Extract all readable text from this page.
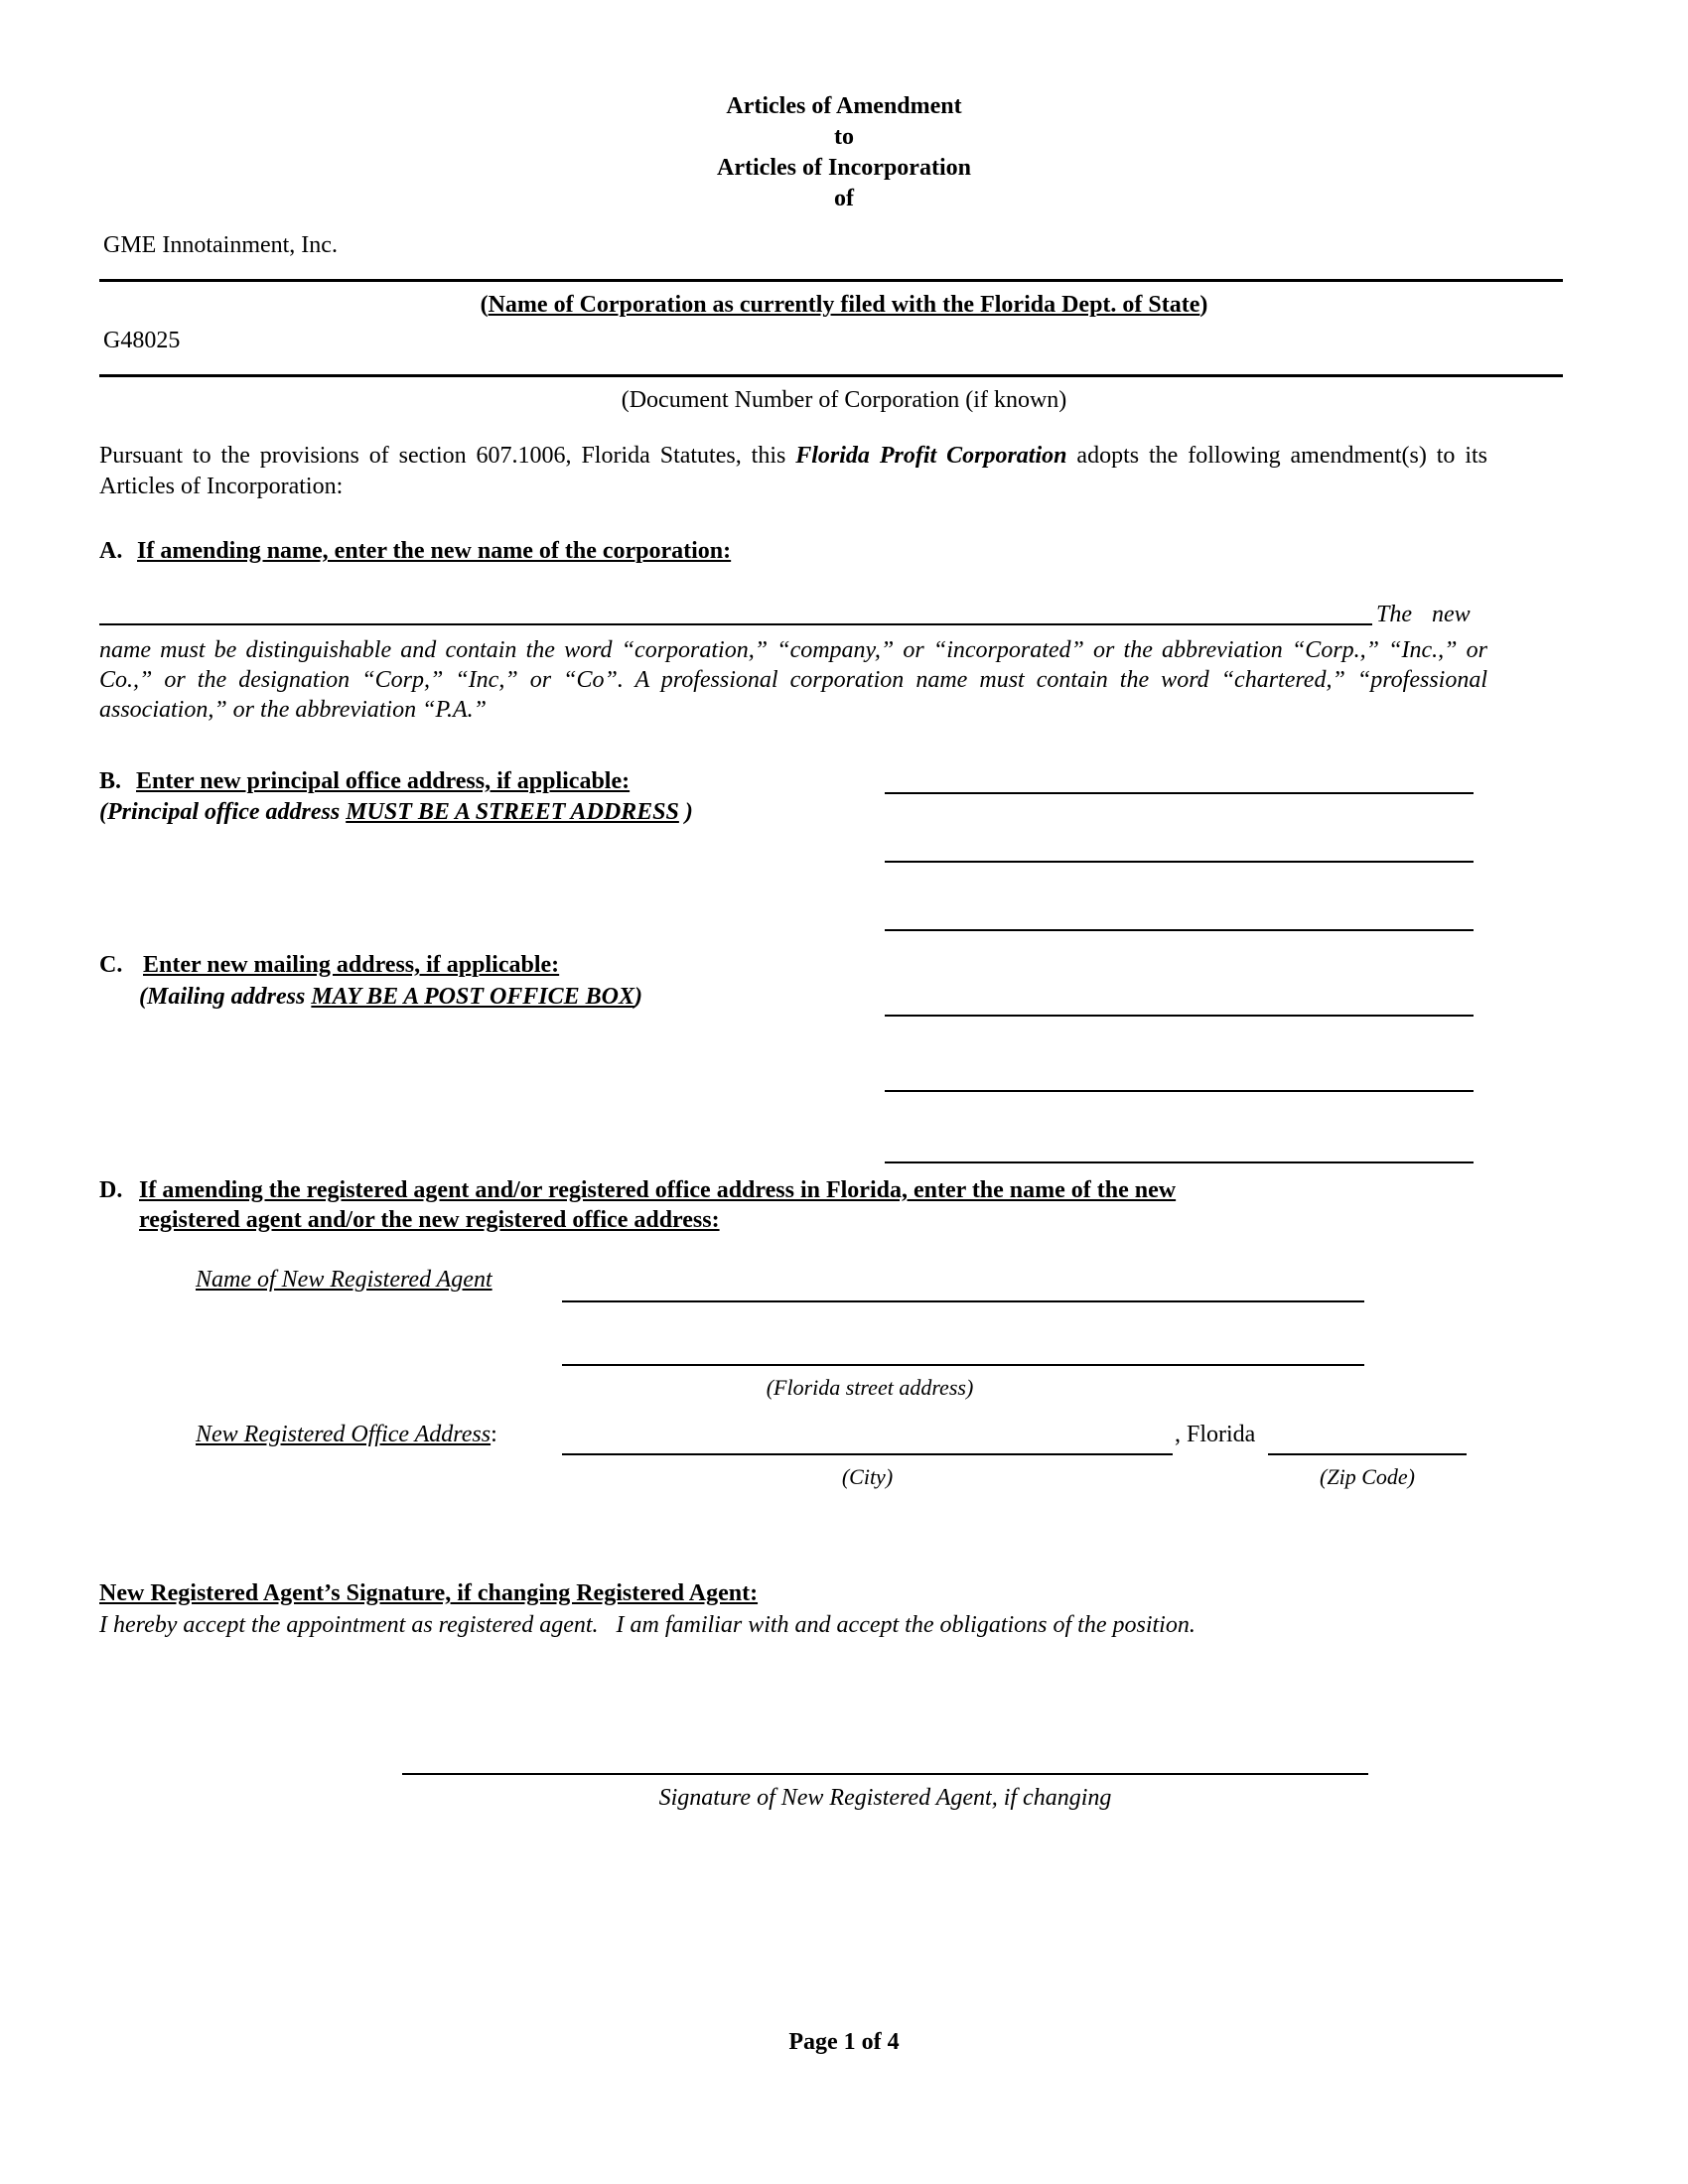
Articles of Amendment
to
Articles of Incorporation
of
GME Innotainment, Inc.
(Name of Corporation as currently filed with the Florida Dept. of State)
G48025
(Document Number of Corporation (if known)
Pursuant to the provisions of section 607.1006, Florida Statutes, this Florida Profit Corporation adopts the following amendment(s) to its Articles of Incorporation:
A. If amending name, enter the new name of the corporation:
The new
name must be distinguishable and contain the word “corporation,” “company,” or “incorporated” or the abbreviation “Corp.,” “Inc.,” or Co.,” or the designation “Corp,” “Inc,” or “Co”. A professional corporation name must contain the word “chartered,” “professional association,” or the abbreviation “P.A.”
B. Enter new principal office address, if applicable:
(Principal office address MUST BE A STREET ADDRESS )
C. Enter new mailing address, if applicable:
(Mailing address MAY BE A POST OFFICE BOX)
D. If amending the registered agent and/or registered office address in Florida, enter the name of the new registered agent and/or the new registered office address:
Name of New Registered Agent
(Florida street address)
New Registered Office Address:	, Florida
(City)	(Zip Code)
New Registered Agent’s Signature, if changing Registered Agent:
I hereby accept the appointment as registered agent.   I am familiar with and accept the obligations of the position.
Signature of New Registered Agent, if changing
Page 1 of 4
